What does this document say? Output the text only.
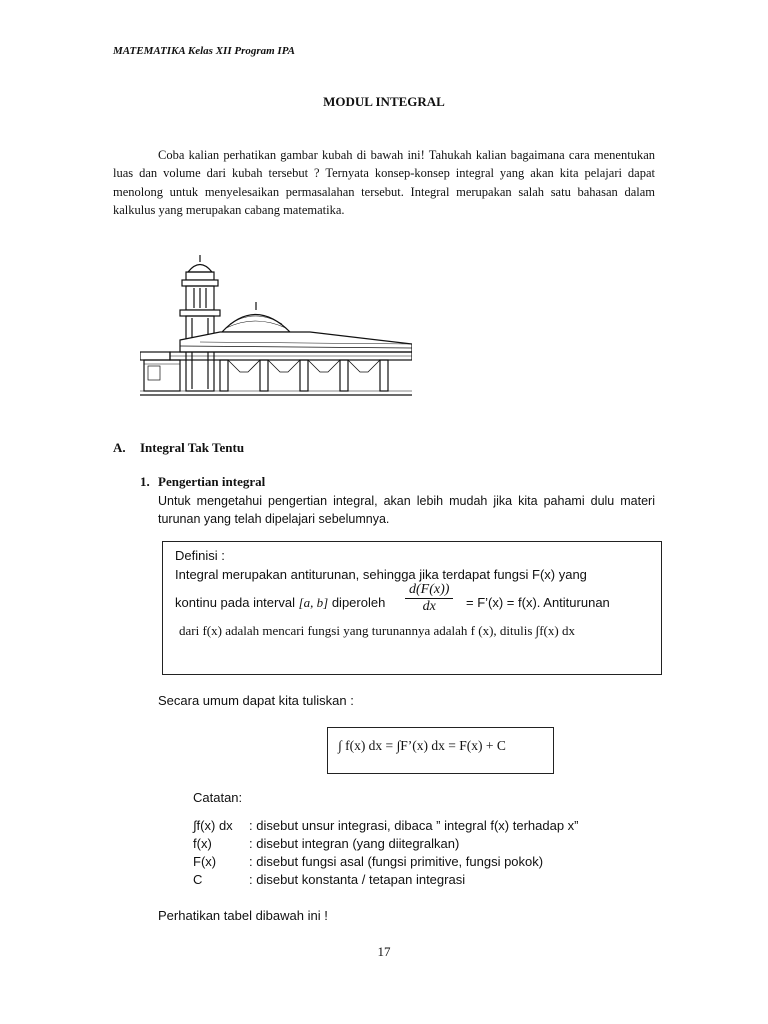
MATEMATIKA Kelas XII Program IPA
MODUL INTEGRAL
Coba kalian perhatikan gambar kubah di bawah ini! Tahukah kalian bagaimana cara menentukan luas dan volume dari kubah tersebut ? Ternyata konsep-konsep integral yang akan kita pelajari dapat menolong untuk menyelesaikan permasalahan tersebut. Integral merupakan salah satu bahasan dalam kalkulus yang merupakan cabang matematika.
A. Integral Tak Tentu
1. Pengertian integral
Untuk mengetahui pengertian integral, akan lebih mudah jika kita pahami dulu materi turunan yang telah dipelajari sebelumnya.
Definisi :
Integral merupakan antiturunan, sehingga jika terdapat fungsi F(x) yang
kontinu pada interval [a, b] diperoleh $\frac{d(F(x))}{dx}$ = F’(x) = f(x). Antiturunan
dari f(x) adalah mencari fungsi yang turunannya adalah f (x), ditulis ∫f(x) dx
Secara umum dapat kita tuliskan :
∫ f(x) dx = ∫F’(x) dx = F(x) + C
Catatan:
∫f(x) dx : disebut unsur integrasi, dibaca ” integral f(x) terhadap x”
f(x)	: disebut integran (yang diitegralkan)
F(x)	: disebut fungsi asal (fungsi primitive, fungsi pokok)
C	: disebut konstanta / tetapan integrasi
Perhatikan tabel dibawah ini !
17
